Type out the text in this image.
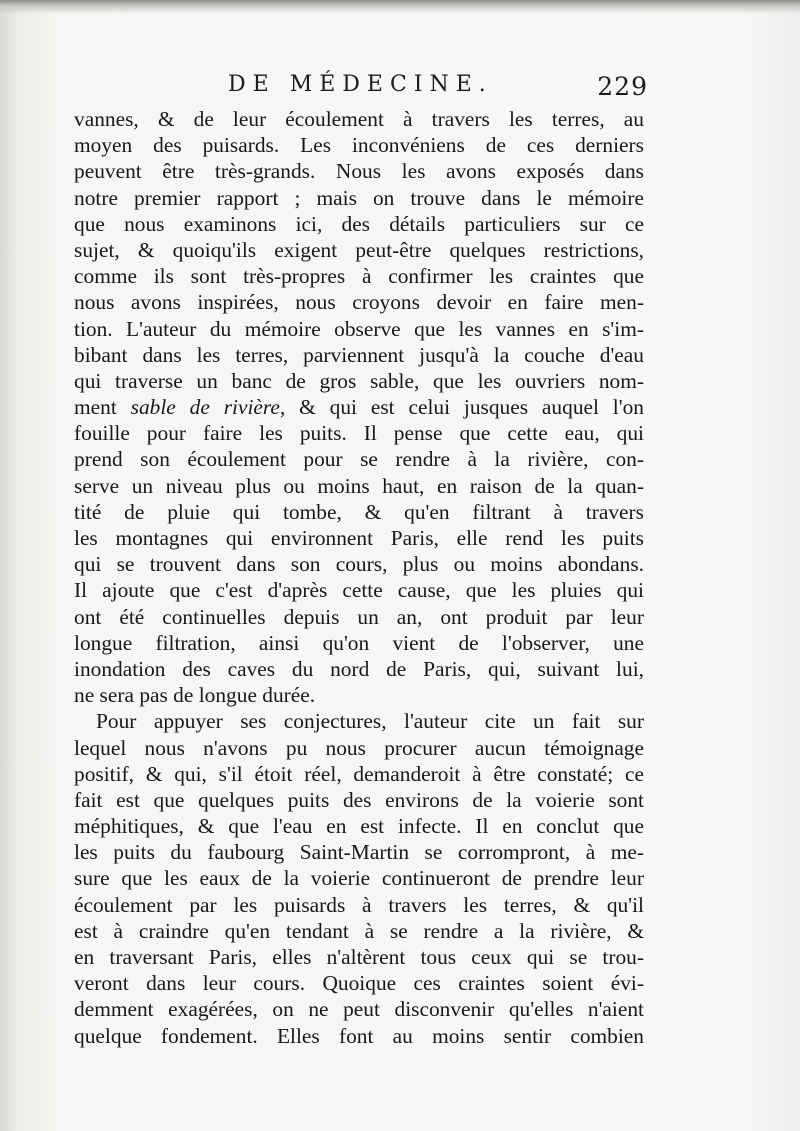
DE MÉDECINE.	229
vannes, & de leur écoulement à travers les terres, au
moyen des puisards. Les inconvéniens de ces derniers
peuvent être très-grands. Nous les avons exposés dans
notre premier rapport ; mais on trouve dans le mémoire
que nous examinons ici, des détails particuliers sur ce
sujet, & quoiqu'ils exigent peut-être quelques restrictions,
comme ils sont très-propres à confirmer les craintes que
nous avons inspirées, nous croyons devoir en faire men-
tion. L'auteur du mémoire observe que les vannes en s'im-
bibant dans les terres, parviennent jusqu'à la couche d'eau
qui traverse un banc de gros sable, que les ouvriers nom-
ment sable de rivière, & qui est celui jusques auquel l'on
fouille pour faire les puits. Il pense que cette eau, qui
prend son écoulement pour se rendre à la rivière, con-
serve un niveau plus ou moins haut, en raison de la quan-
tité de pluie qui tombe, & qu'en filtrant à travers
les montagnes qui environnent Paris, elle rend les puits
qui se trouvent dans son cours, plus ou moins abondans.
Il ajoute que c'est d'après cette cause, que les pluies qui
ont été continuelles depuis un an, ont produit par leur
longue filtration, ainsi qu'on vient de l'observer, une
inondation des caves du nord de Paris, qui, suivant lui,
ne sera pas de longue durée.
Pour appuyer ses conjectures, l'auteur cite un fait sur
lequel nous n'avons pu nous procurer aucun témoignage
positif, & qui, s'il étoit réel, demanderoit à être constaté; ce
fait est que quelques puits des environs de la voierie sont
méphitiques, & que l'eau en est infecte. Il en conclut que
les puits du faubourg Saint-Martin se corrompront, à me-
sure que les eaux de la voierie continueront de prendre leur
écoulement par les puisards à travers les terres, & qu'il
est à craindre qu'en tendant à se rendre a la rivière, &
en traversant Paris, elles n'altèrent tous ceux qui se trou-
veront dans leur cours. Quoique ces craintes soient évi-
demment exagérées, on ne peut disconvenir qu'elles n'aient
quelque fondement. Elles font au moins sentir combien
